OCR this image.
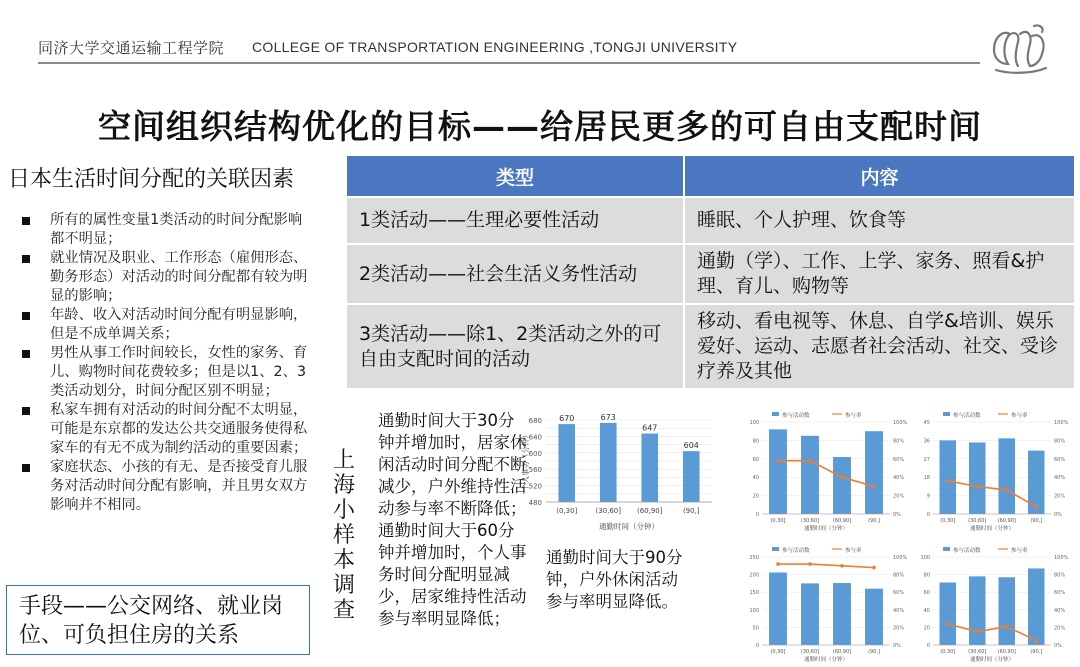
同济大学交通运输工程学院 COLLEGE OF TRANSPORTATION ENGINEERING ,TONGJI UNIVERSITY
空间组织结构优化的目标——给居民更多的可自由支配时间
日本生活时间分配的关联因素
所有的属性变量1类活动的时间分配影响都不明显；
就业情况及职业、工作形态（雇佣形态、勤务形态）对活动的时间分配都有较为明显的影响；
年龄、收入对活动时间分配有明显影响，但是不成单调关系；
男性从事工作时间较长，女性的家务、育儿、购物时间花费较多；但是以1、2、3类活动划分，时间分配区别不明显；
私家车拥有对活动的时间分配不太明显，可能是东京都的发达公共交通服务使得私家车的有无不成为制约活动的重要因素；
家庭状态、小孩的有无、是否接受育儿服务对活动时间分配有影响，并且男女双方影响并不相同。
手段——公交网络、就业岗位、可负担住房的关系
类型	内容
1类活动——生理必要性活动	睡眠、个人护理、饮食等
2类活动——社会生活义务性活动	通勤（学）、工作、上学、家务、照看&护理、育儿、购物等
3类活动——除1、2类活动之外的可自由支配时间的活动	移动、看电视等、休息、自学&培训、娱乐爱好、运动、志愿者社会活动、社交、受诊疗养及其他
上海小样本调查
通勤时间大于30分钟并增加时，居家休闲活动时间分配不断减少，户外维持性活动参与率不断降低；通勤时间大于60分钟并增加时，个人事务时间分配明显减少，居家维持性活动参与率明显降低；
通勤时间大于90分钟，户外休闲活动参与率明显降低。
480
520
560
600
640
680
个人事务（分钟）
670
(0,30]
673
(30,60]
647
(60,90]
604
(90,]
通勤时间（分钟）
参与活动数	参与率
0	0%
20	20%
40	40%
60	60%
80	80%
100	100%
(0,30]	(30,60]	(60,90]	(90,]
通勤时间（分钟）
参与活动数	参与率
0	0%
9	20%
18	40%
27	60%
36	80%
45	100%
(0,30]	(30,60] (60,90]	(90,]
通勤时间（分钟）
参与活动数	参与率
0	0%
50	20%
100	40%
150	60%
200	80%
250	100%
(0,30]	(30,60]	(60,90]	(90,]
通勤时间（分钟）
参与活动数	参与率
0	0%
20	20%
40	40%
60	60%
80	80%
100	100%
(0,30]	(30,60] (60,90]	(90,]
通勤时间（分钟）
